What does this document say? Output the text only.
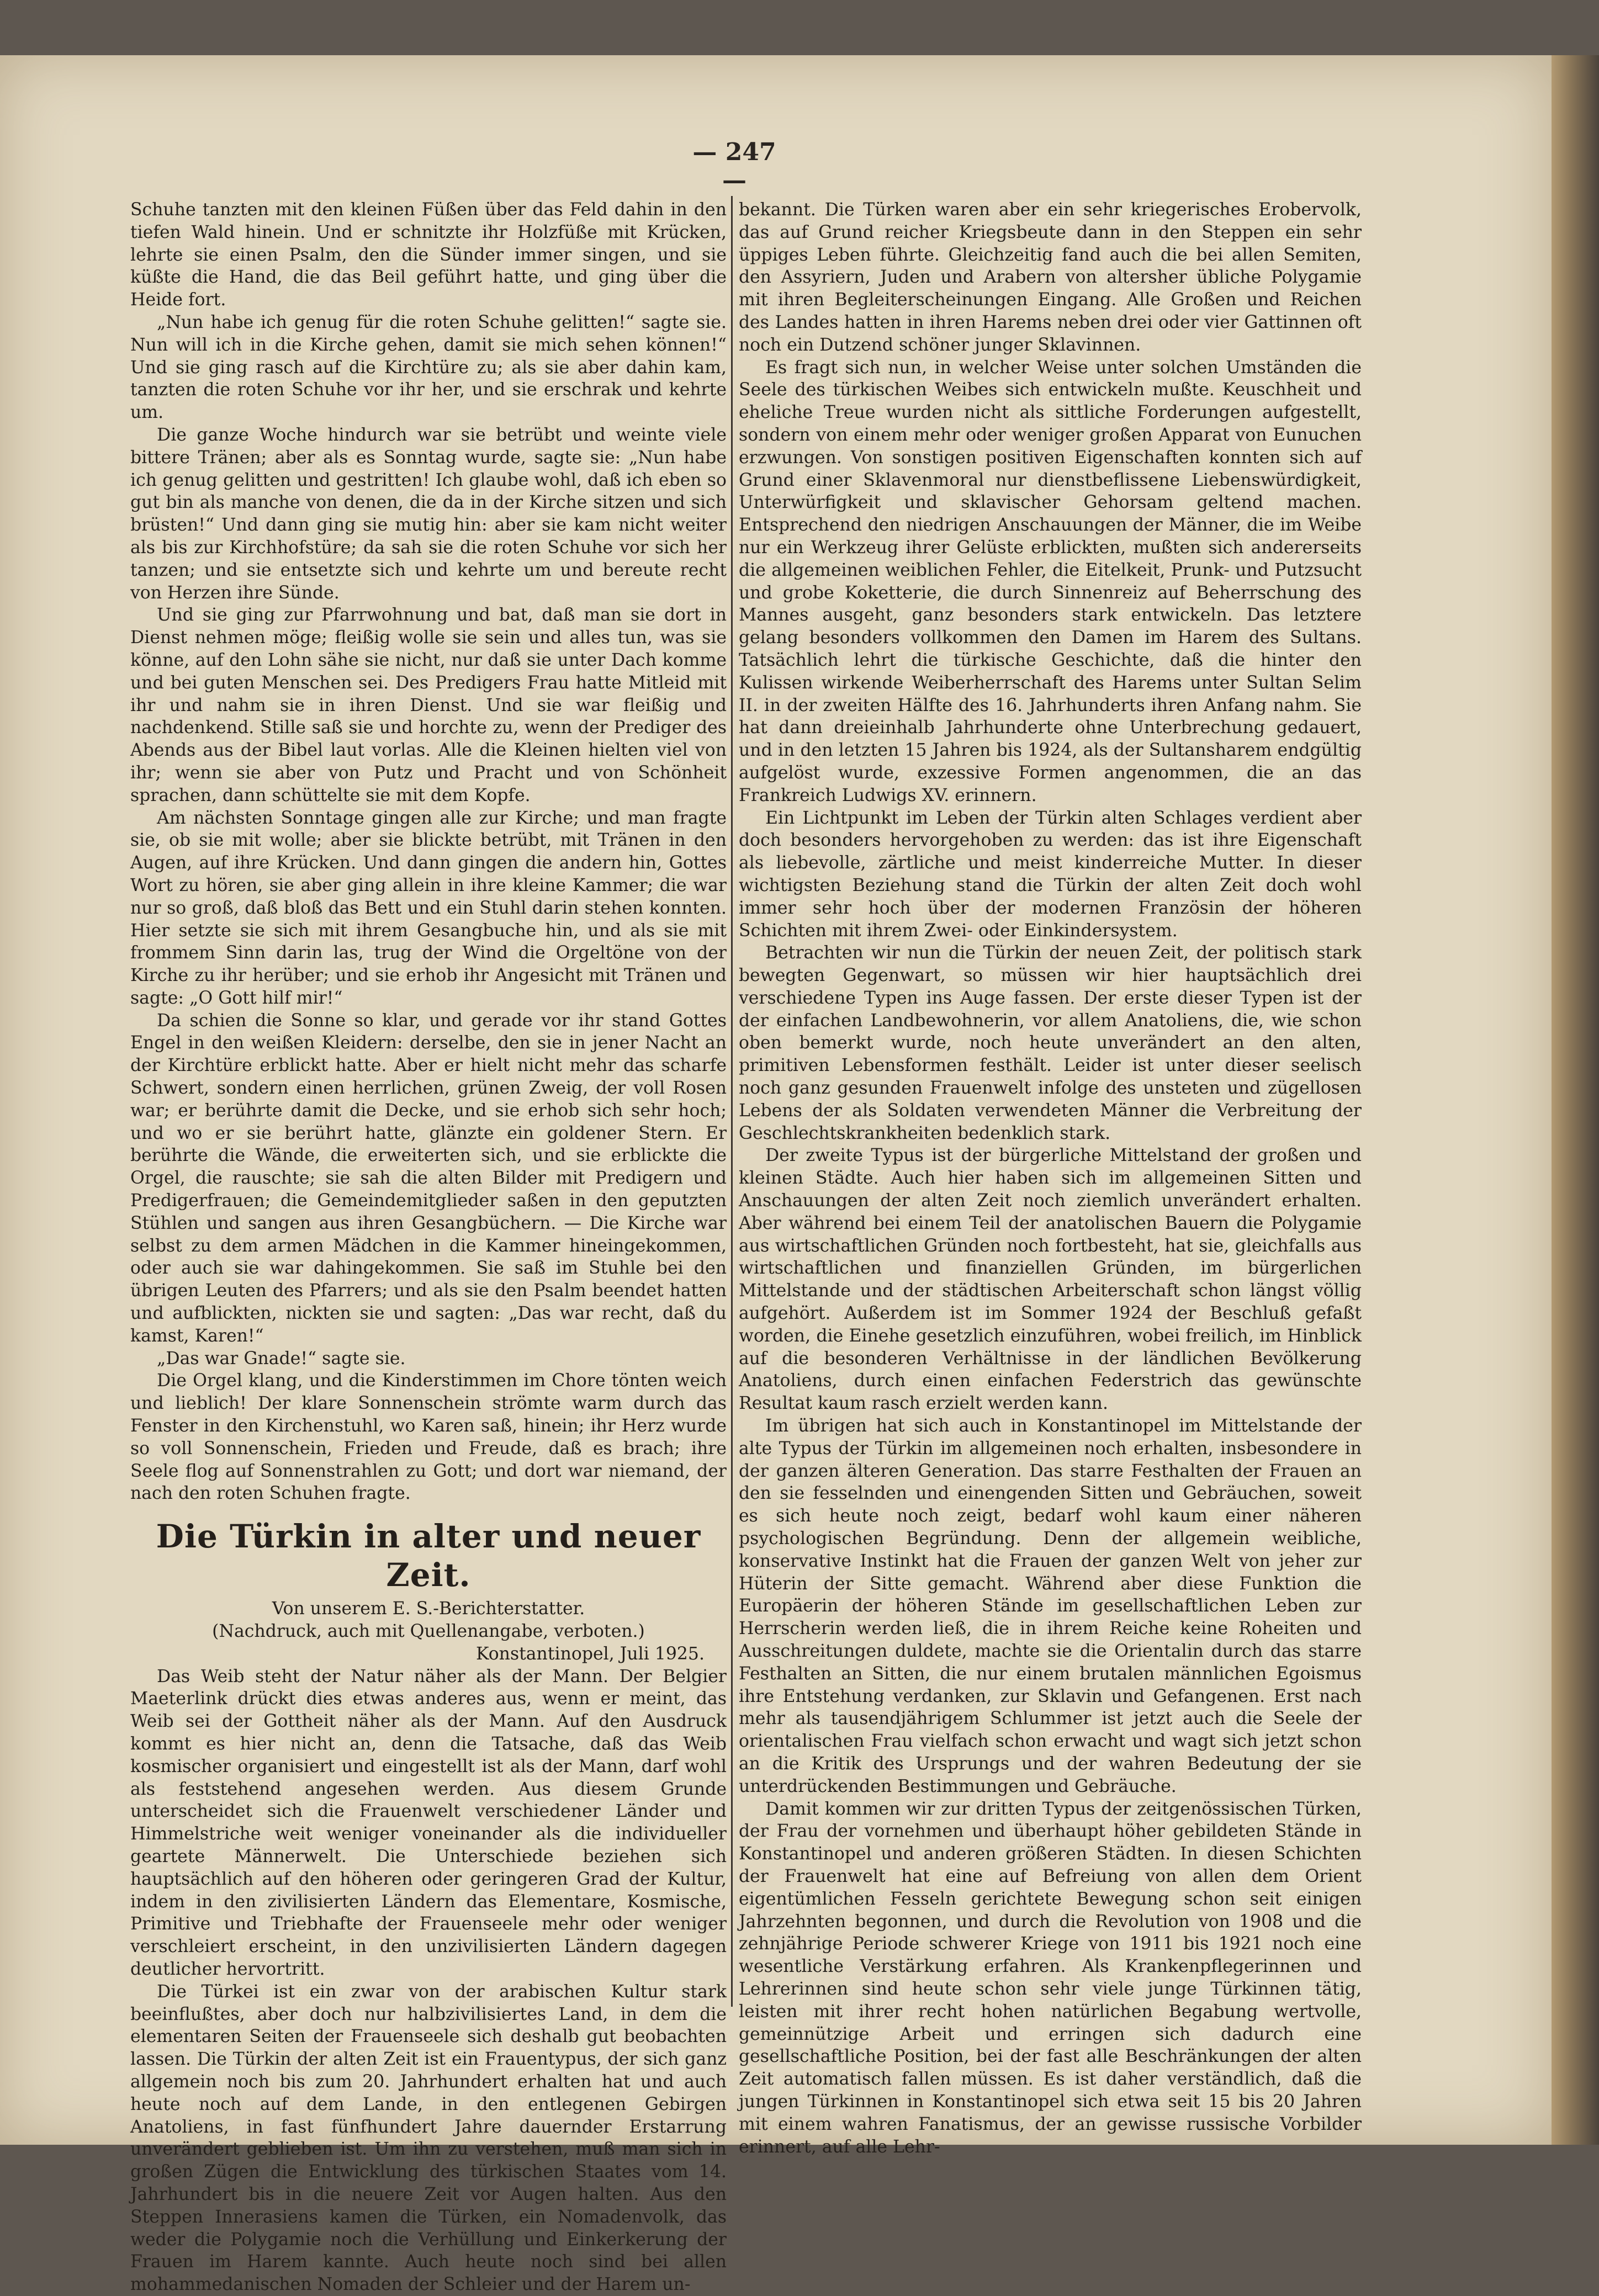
— 247 —

Schuhe tanzten mit den kleinen Füßen über das Feld dahin in den tiefen Wald hinein. Und er schnitzte ihr Holzfüße mit Krücken, lehrte sie einen Psalm, den die Sünder immer singen, und sie küßte die Hand, die das Beil geführt hatte, und ging über die Heide fort.

„Nun habe ich genug für die roten Schuhe gelitten!“ sagte sie. Nun will ich in die Kirche gehen, damit sie mich sehen können!“ Und sie ging rasch auf die Kirchtüre zu; als sie aber dahin kam, tanzten die roten Schuhe vor ihr her, und sie erschrak und kehrte um.

Die ganze Woche hindurch war sie betrübt und weinte viele bittere Tränen; aber als es Sonntag wurde, sagte sie: „Nun habe ich genug gelitten und gestritten! Ich glaube wohl, daß ich eben so gut bin als manche von denen, die da in der Kirche sitzen und sich brüsten!“ Und dann ging sie mutig hin: aber sie kam nicht weiter als bis zur Kirchhofstüre; da sah sie die roten Schuhe vor sich her tanzen; und sie entsetzte sich und kehrte um und bereute recht von Herzen ihre Sünde.

Und sie ging zur Pfarrwohnung und bat, daß man sie dort in Dienst nehmen möge; fleißig wolle sie sein und alles tun, was sie könne, auf den Lohn sähe sie nicht, nur daß sie unter Dach komme und bei guten Menschen sei. Des Predigers Frau hatte Mitleid mit ihr und nahm sie in ihren Dienst. Und sie war fleißig und nachdenkend. Stille saß sie und horchte zu, wenn der Prediger des Abends aus der Bibel laut vorlas. Alle die Kleinen hielten viel von ihr; wenn sie aber von Putz und Pracht und von Schönheit sprachen, dann schüttelte sie mit dem Kopfe.

Am nächsten Sonntage gingen alle zur Kirche; und man fragte sie, ob sie mit wolle; aber sie blickte betrübt, mit Tränen in den Augen, auf ihre Krücken. Und dann gingen die andern hin, Gottes Wort zu hören, sie aber ging allein in ihre kleine Kammer; die war nur so groß, daß bloß das Bett und ein Stuhl darin stehen konnten. Hier setzte sie sich mit ihrem Gesangbuche hin, und als sie mit frommem Sinn darin las, trug der Wind die Orgeltöne von der Kirche zu ihr herüber; und sie erhob ihr Angesicht mit Tränen und sagte: „O Gott hilf mir!“

Da schien die Sonne so klar, und gerade vor ihr stand Gottes Engel in den weißen Kleidern: derselbe, den sie in jener Nacht an der Kirchtüre erblickt hatte. Aber er hielt nicht mehr das scharfe Schwert, sondern einen herrlichen, grünen Zweig, der voll Rosen war; er berührte damit die Decke, und sie erhob sich sehr hoch; und wo er sie berührt hatte, glänzte ein goldener Stern. Er berührte die Wände, die erweiterten sich, und sie erblickte die Orgel, die rauschte; sie sah die alten Bilder mit Predigern und Predigerfrauen; die Gemeindemitglieder saßen in den geputzten Stühlen und sangen aus ihren Gesangbüchern. — Die Kirche war selbst zu dem armen Mädchen in die Kammer hineingekommen, oder auch sie war dahingekommen. Sie saß im Stuhle bei den übrigen Leuten des Pfarrers; und als sie den Psalm beendet hatten und aufblickten, nickten sie und sagten: „Das war recht, daß du kamst, Karen!“

„Das war Gnade!“ sagte sie.

Die Orgel klang, und die Kinderstimmen im Chore tönten weich und lieblich! Der klare Sonnenschein strömte warm durch das Fenster in den Kirchenstuhl, wo Karen saß, hinein; ihr Herz wurde so voll Sonnenschein, Frieden und Freude, daß es brach; ihre Seele flog auf Sonnenstrahlen zu Gott; und dort war niemand, der nach den roten Schuhen fragte.

Die Türkin in alter und neuer Zeit.

Von unserem E. S.-Berichterstatter.

(Nachdruck, auch mit Quellenangabe, verboten.)

Konstantinopel, Juli 1925.

Das Weib steht der Natur näher als der Mann. Der Belgier Maeterlink drückt dies etwas anderes aus, wenn er meint, das Weib sei der Gottheit näher als der Mann. Auf den Ausdruck kommt es hier nicht an, denn die Tatsache, daß das Weib kosmischer organisiert und eingestellt ist als der Mann, darf wohl als feststehend angesehen werden. Aus diesem Grunde unterscheidet sich die Frauenwelt verschiedener Länder und Himmelstriche weit weniger voneinander als die individueller geartete Männerwelt. Die Unterschiede beziehen sich hauptsächlich auf den höheren oder geringeren Grad der Kultur, indem in den zivilisierten Ländern das Elementare, Kosmische, Primitive und Triebhafte der Frauenseele mehr oder weniger verschleiert erscheint, in den unzivilisierten Ländern dagegen deutlicher hervortritt.

Die Türkei ist ein zwar von der arabischen Kultur stark beeinflußtes, aber doch nur halbzivilisiertes Land, in dem die elementaren Seiten der Frauenseele sich deshalb gut beobachten lassen. Die Türkin der alten Zeit ist ein Frauentypus, der sich ganz allgemein noch bis zum 20. Jahrhundert erhalten hat und auch heute noch auf dem Lande, in den entlegenen Gebirgen Anatoliens, in fast fünfhundert Jahre dauernder Erstarrung unverändert geblieben ist. Um ihn zu verstehen, muß man sich in großen Zügen die Entwicklung des türkischen Staates vom 14. Jahrhundert bis in die neuere Zeit vor Augen halten. Aus den Steppen Innerasiens kamen die Türken, ein Nomadenvolk, das weder die Polygamie noch die Verhüllung und Einkerkerung der Frauen im Harem kannte. Auch heute noch sind bei allen mohammedanischen Nomaden der Schleier und der Harem un-

bekannt. Die Türken waren aber ein sehr kriegerisches Erobervolk, das auf Grund reicher Kriegsbeute dann in den Steppen ein sehr üppiges Leben führte. Gleichzeitig fand auch die bei allen Semiten, den Assyriern, Juden und Arabern von altersher übliche Polygamie mit ihren Begleiterscheinungen Eingang. Alle Großen und Reichen des Landes hatten in ihren Harems neben drei oder vier Gattinnen oft noch ein Dutzend schöner junger Sklavinnen.

Es fragt sich nun, in welcher Weise unter solchen Umständen die Seele des türkischen Weibes sich entwickeln mußte. Keuschheit und eheliche Treue wurden nicht als sittliche Forderungen aufgestellt, sondern von einem mehr oder weniger großen Apparat von Eunuchen erzwungen. Von sonstigen positiven Eigenschaften konnten sich auf Grund einer Sklavenmoral nur dienstbeflissene Liebenswürdigkeit, Unterwürfigkeit und sklavischer Gehorsam geltend machen. Entsprechend den niedrigen Anschauungen der Männer, die im Weibe nur ein Werkzeug ihrer Gelüste erblickten, mußten sich andererseits die allgemeinen weiblichen Fehler, die Eitelkeit, Prunk- und Putzsucht und grobe Koketterie, die durch Sinnenreiz auf Beherrschung des Mannes ausgeht, ganz besonders stark entwickeln. Das letztere gelang besonders vollkommen den Damen im Harem des Sultans. Tatsächlich lehrt die türkische Geschichte, daß die hinter den Kulissen wirkende Weiberherrschaft des Harems unter Sultan Selim II. in der zweiten Hälfte des 16. Jahrhunderts ihren Anfang nahm. Sie hat dann dreieinhalb Jahrhunderte ohne Unterbrechung gedauert, und in den letzten 15 Jahren bis 1924, als der Sultansharem endgültig aufgelöst wurde, exzessive Formen angenommen, die an das Frankreich Ludwigs XV. erinnern.

Ein Lichtpunkt im Leben der Türkin alten Schlages verdient aber doch besonders hervorgehoben zu werden: das ist ihre Eigenschaft als liebevolle, zärtliche und meist kinderreiche Mutter. In dieser wichtigsten Beziehung stand die Türkin der alten Zeit doch wohl immer sehr hoch über der modernen Französin der höheren Schichten mit ihrem Zwei- oder Einkindersystem.

Betrachten wir nun die Türkin der neuen Zeit, der politisch stark bewegten Gegenwart, so müssen wir hier hauptsächlich drei verschiedene Typen ins Auge fassen. Der erste dieser Typen ist der der einfachen Landbewohnerin, vor allem Anatoliens, die, wie schon oben bemerkt wurde, noch heute unverändert an den alten, primitiven Lebensformen festhält. Leider ist unter dieser seelisch noch ganz gesunden Frauenwelt infolge des unsteten und zügellosen Lebens der als Soldaten verwendeten Männer die Verbreitung der Geschlechtskrankheiten bedenklich stark.

Der zweite Typus ist der bürgerliche Mittelstand der großen und kleinen Städte. Auch hier haben sich im allgemeinen Sitten und Anschauungen der alten Zeit noch ziemlich unverändert erhalten. Aber während bei einem Teil der anatolischen Bauern die Polygamie aus wirtschaftlichen Gründen noch fortbesteht, hat sie, gleichfalls aus wirtschaftlichen und finanziellen Gründen, im bürgerlichen Mittelstande und der städtischen Arbeiterschaft schon längst völlig aufgehört. Außerdem ist im Sommer 1924 der Beschluß gefaßt worden, die Einehe gesetzlich einzuführen, wobei freilich, im Hinblick auf die besonderen Verhältnisse in der ländlichen Bevölkerung Anatoliens, durch einen einfachen Federstrich das gewünschte Resultat kaum rasch erzielt werden kann.

Im übrigen hat sich auch in Konstantinopel im Mittelstande der alte Typus der Türkin im allgemeinen noch erhalten, insbesondere in der ganzen älteren Generation. Das starre Festhalten der Frauen an den sie fesselnden und einengenden Sitten und Gebräuchen, soweit es sich heute noch zeigt, bedarf wohl kaum einer näheren psychologischen Begründung. Denn der allgemein weibliche, konservative Instinkt hat die Frauen der ganzen Welt von jeher zur Hüterin der Sitte gemacht. Während aber diese Funktion die Europäerin der höheren Stände im gesellschaftlichen Leben zur Herrscherin werden ließ, die in ihrem Reiche keine Roheiten und Ausschreitungen duldete, machte sie die Orientalin durch das starre Festhalten an Sitten, die nur einem brutalen männlichen Egoismus ihre Entstehung verdanken, zur Sklavin und Gefangenen. Erst nach mehr als tausendjährigem Schlummer ist jetzt auch die Seele der orientalischen Frau vielfach schon erwacht und wagt sich jetzt schon an die Kritik des Ursprungs und der wahren Bedeutung der sie unterdrückenden Bestimmungen und Gebräuche.

Damit kommen wir zur dritten Typus der zeitgenössischen Türken, der Frau der vornehmen und überhaupt höher gebildeten Stände in Konstantinopel und anderen größeren Städten. In diesen Schichten der Frauenwelt hat eine auf Befreiung von allen dem Orient eigentümlichen Fesseln gerichtete Bewegung schon seit einigen Jahrzehnten begonnen, und durch die Revolution von 1908 und die zehnjährige Periode schwerer Kriege von 1911 bis 1921 noch eine wesentliche Verstärkung erfahren. Als Krankenpflegerinnen und Lehrerinnen sind heute schon sehr viele junge Türkinnen tätig, leisten mit ihrer recht hohen natürlichen Begabung wertvolle, gemeinnützige Arbeit und erringen sich dadurch eine gesellschaftliche Position, bei der fast alle Beschränkungen der alten Zeit automatisch fallen müssen. Es ist daher verständlich, daß die jungen Türkinnen in Konstantinopel sich etwa seit 15 bis 20 Jahren mit einem wahren Fanatismus, der an gewisse russische Vorbilder erinnert, auf alle Lehr-
